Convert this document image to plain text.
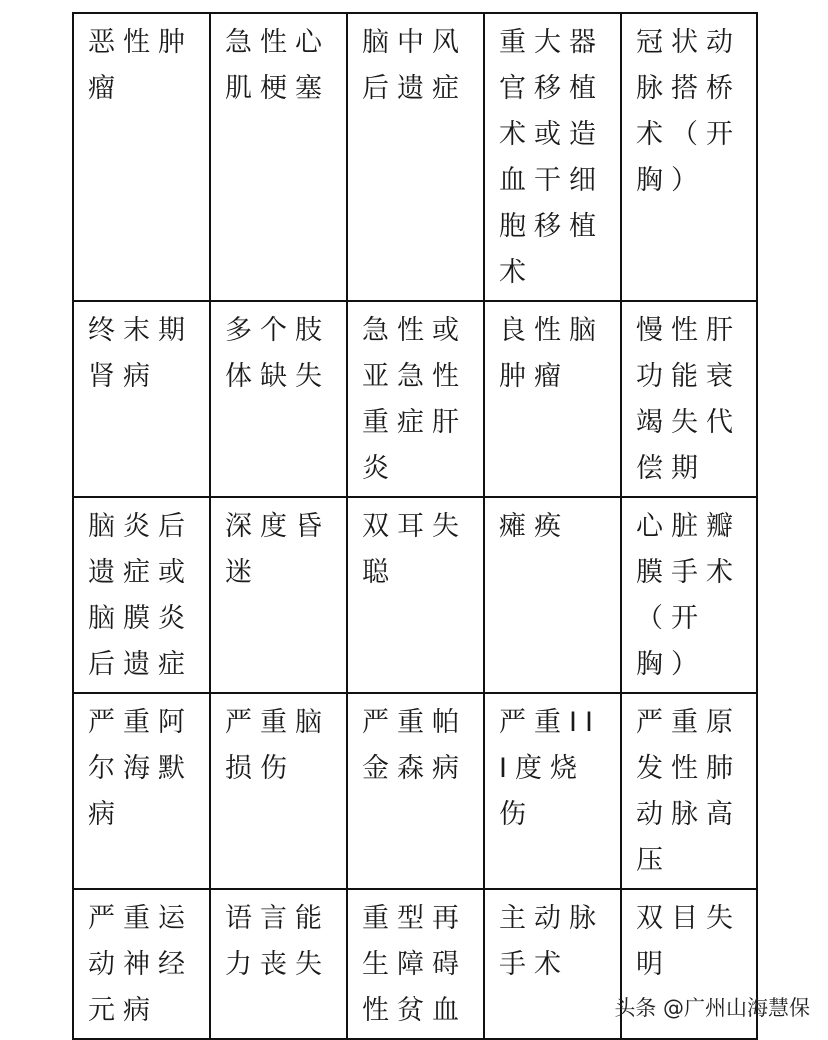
恶性肿瘤	急性心肌梗塞	脑中风后遗症	重大器官移植术或造血干细胞移植术	冠状动脉搭桥术（开胸）

终末期肾病	多个肢体缺失	急性或亚急性重症肝炎	良性脑肿瘤	慢性肝功能衰竭失代偿期

脑炎后遗症或脑膜炎后遗症	深度昏迷	双耳失聪	瘫痪	心脏瓣膜手术（开胸）

严重阿尔海默病	严重脑损伤	严重帕金森病	严重III度烧伤	严重原发性肺动脉高压

严重运动神经元病	语言能力丧失	重型再生障碍性贫血	主动脉手术	双目失明
头条 @广州山海慧保
